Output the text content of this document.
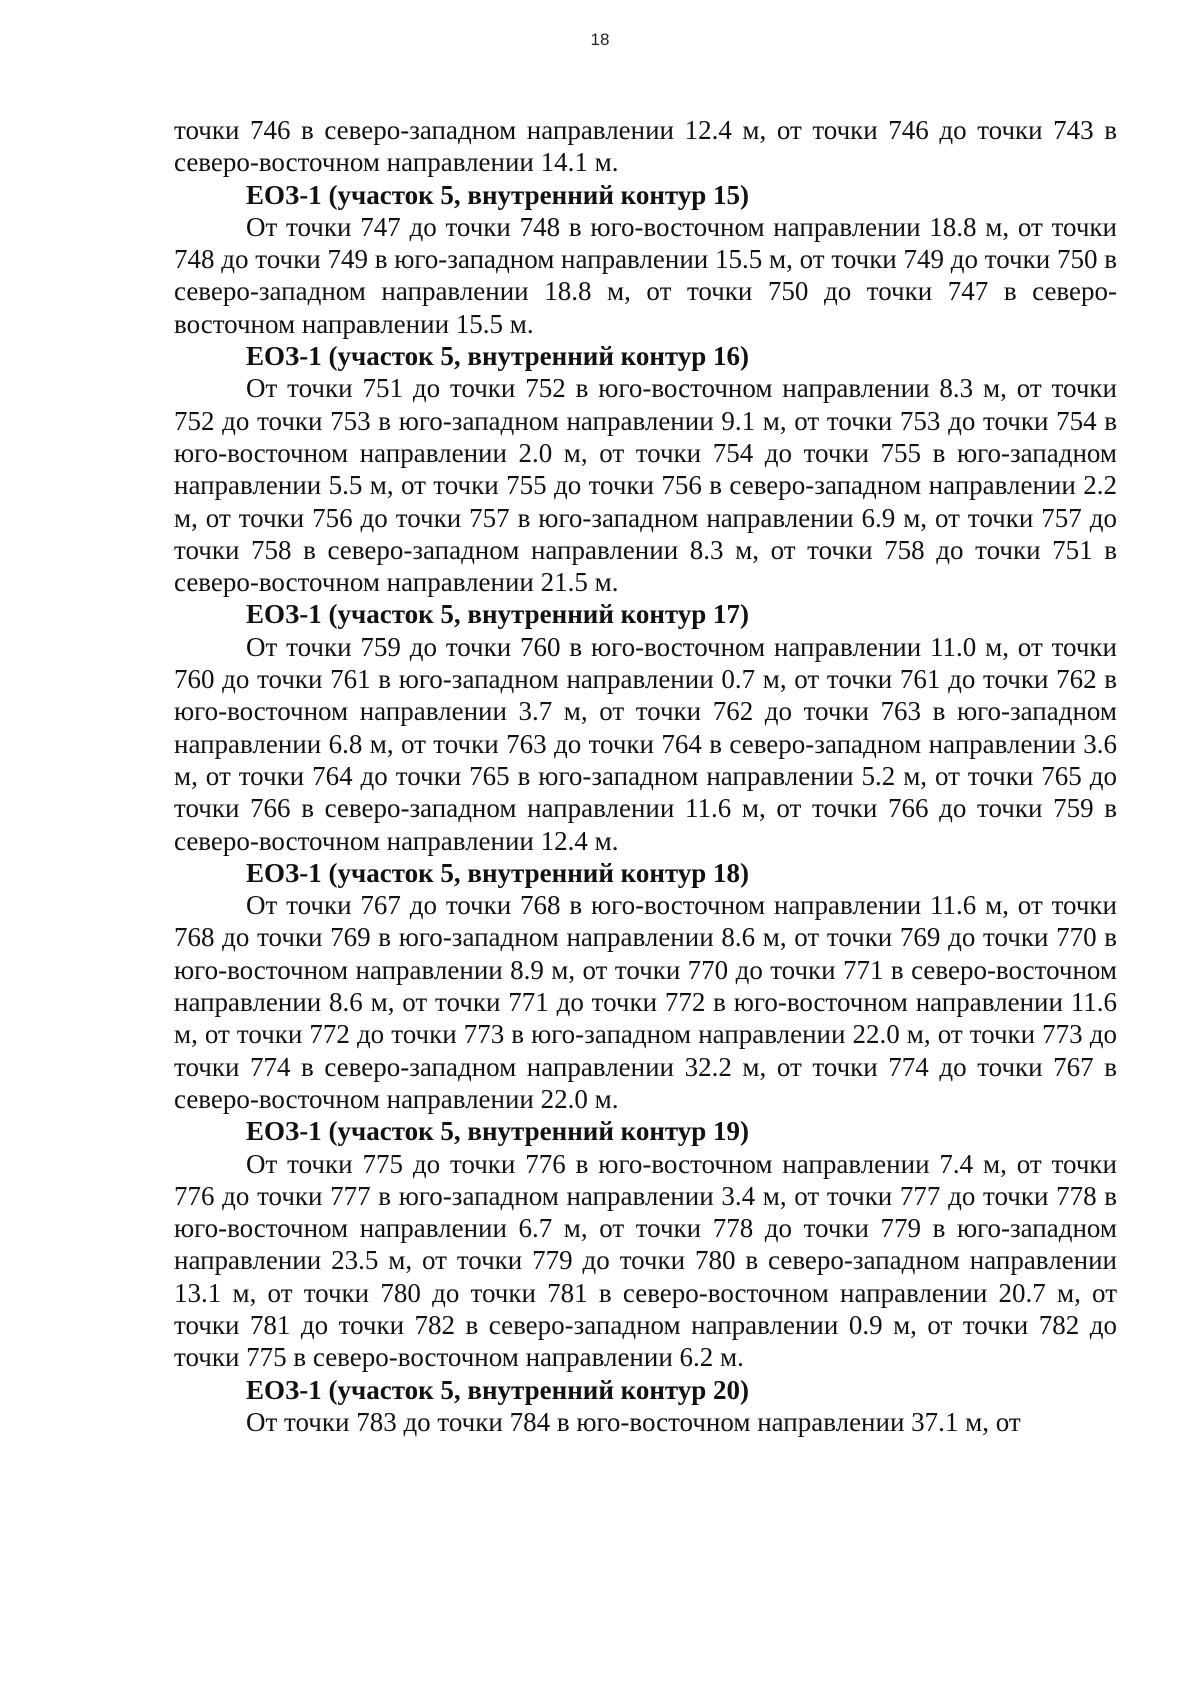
18

точки 746 в северо-западном направлении 12.4 м, от точки 746 до точки 743 в северо-восточном направлении 14.1 м.

ЕОЗ-1 (участок 5, внутренний контур 15)

От точки 747 до точки 748 в юго-восточном направлении 18.8 м, от точки 748 до точки 749 в юго-западном направлении 15.5 м, от точки 749 до точки 750 в северо-западном направлении 18.8 м, от точки 750 до точки 747 в северо-восточном направлении 15.5 м.

ЕОЗ-1 (участок 5, внутренний контур 16)

От точки 751 до точки 752 в юго-восточном направлении 8.3 м, от точки 752 до точки 753 в юго-западном направлении 9.1 м, от точки 753 до точки 754 в юго-восточном направлении 2.0 м, от точки 754 до точки 755 в юго-западном направлении 5.5 м, от точки 755 до точки 756 в северо-западном направлении 2.2 м, от точки 756 до точки 757 в юго-западном направлении 6.9 м, от точки 757 до точки 758 в северо-западном направлении 8.3 м, от точки 758 до точки 751 в северо-восточном направлении 21.5 м.

ЕОЗ-1 (участок 5, внутренний контур 17)

От точки 759 до точки 760 в юго-восточном направлении 11.0 м, от точки 760 до точки 761 в юго-западном направлении 0.7 м, от точки 761 до точки 762 в юго-восточном направлении 3.7 м, от точки 762 до точки 763 в юго-западном направлении 6.8 м, от точки 763 до точки 764 в северо-западном направлении 3.6 м, от точки 764 до точки 765 в юго-западном направлении 5.2 м, от точки 765 до точки 766 в северо-западном направлении 11.6 м, от точки 766 до точки 759 в северо-восточном направлении 12.4 м.

ЕОЗ-1 (участок 5, внутренний контур 18)

От точки 767 до точки 768 в юго-восточном направлении 11.6 м, от точки 768 до точки 769 в юго-западном направлении 8.6 м, от точки 769 до точки 770 в юго-восточном направлении 8.9 м, от точки 770 до точки 771 в северо-восточном направлении 8.6 м, от точки 771 до точки 772 в юго-восточном направлении 11.6 м, от точки 772 до точки 773 в юго-западном направлении 22.0 м, от точки 773 до точки 774 в северо-западном направлении 32.2 м, от точки 774 до точки 767 в северо-восточном направлении 22.0 м.

ЕОЗ-1 (участок 5, внутренний контур 19)

От точки 775 до точки 776 в юго-восточном направлении 7.4 м, от точки 776 до точки 777 в юго-западном направлении 3.4 м, от точки 777 до точки 778 в юго-восточном направлении 6.7 м, от точки 778 до точки 779 в юго-западном направлении 23.5 м, от точки 779 до точки 780 в северо-западном направлении 13.1 м, от точки 780 до точки 781 в северо-восточном направлении 20.7 м, от точки 781 до точки 782 в северо-западном направлении 0.9 м, от точки 782 до точки 775 в северо-восточном направлении 6.2 м.

ЕОЗ-1 (участок 5, внутренний контур 20)

От точки 783 до точки 784 в юго-восточном направлении 37.1 м, от
